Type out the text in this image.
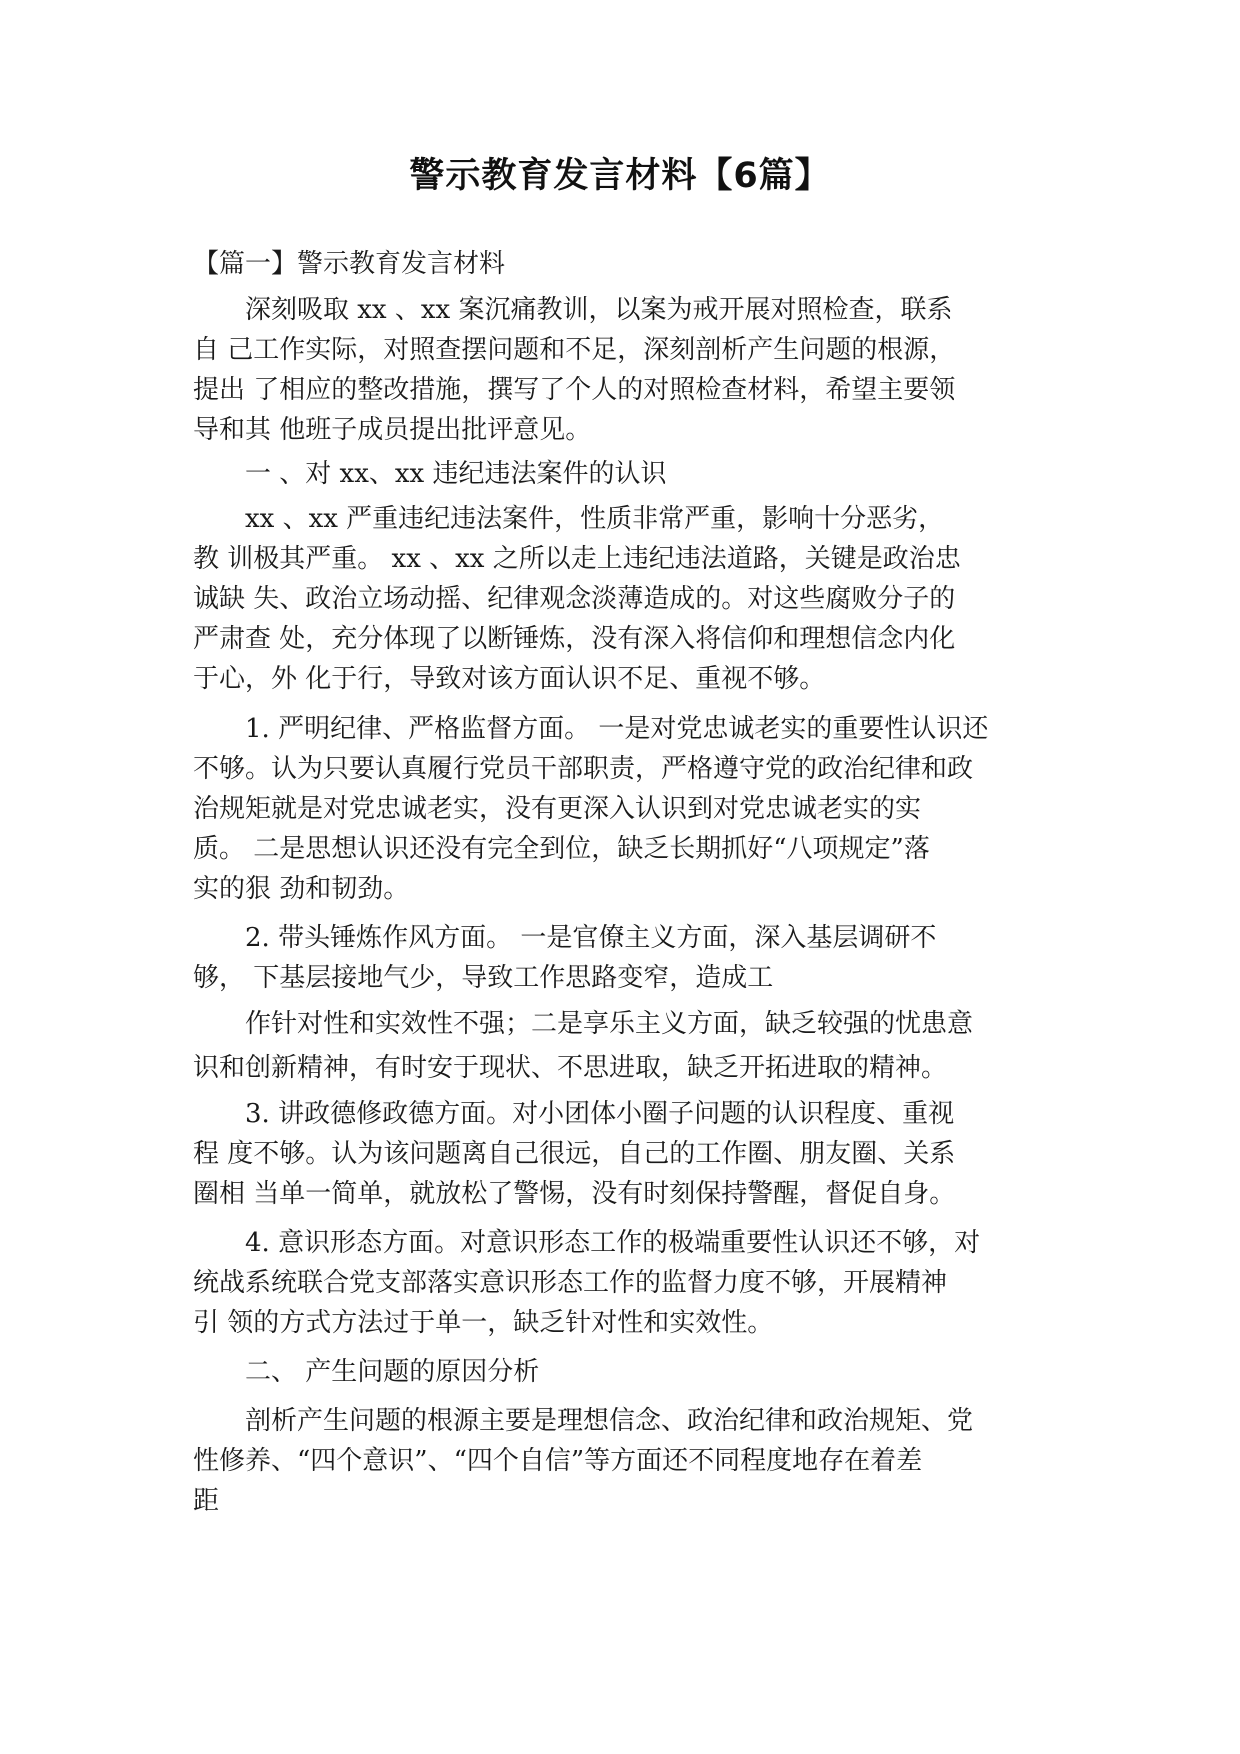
警示教育发言材料【6篇】
【篇一】警示教育发言材料
深刻吸取 xx 、xx 案沉痛教训，以案为戒开展对照检查，联系
自 己工作实际，对照查摆问题和不足，深刻剖析产生问题的根源，
提出 了相应的整改措施，撰写了个人的对照检查材料，希望主要领
导和其 他班子成员提出批评意见。
一 、对 xx、xx 违纪违法案件的认识
xx 、xx 严重违纪违法案件，性质非常严重，影响十分恶劣，
教 训极其严重。 xx 、xx 之所以走上违纪违法道路，关键是政治忠
诚缺 失、政治立场动摇、纪律观念淡薄造成的。对这些腐败分子的
严肃查 处，充分体现了以断锤炼，没有深入将信仰和理想信念内化
于心，外 化于行，导致对该方面认识不足、重视不够。
1. 严明纪律、严格监督方面。 一是对党忠诚老实的重要性认识还
不够。认为只要认真履行党员干部职责，严格遵守党的政治纪律和政
治规矩就是对党忠诚老实，没有更深入认识到对党忠诚老实的实
质。 二是思想认识还没有完全到位，缺乏长期抓好“八项规定”落
实的狠 劲和韧劲。
2. 带头锤炼作风方面。 一是官僚主义方面，深入基层调研不
够， 下基层接地气少，导致工作思路变窄，造成工
作针对性和实效性不强；二是享乐主义方面，缺乏较强的忧患意
识和创新精神，有时安于现状、不思进取，缺乏开拓进取的精神。
3. 讲政德修政德方面。对小团体小圈子问题的认识程度、重视
程 度不够。认为该问题离自己很远，自己的工作圈、朋友圈、关系
圈相 当单一简单，就放松了警惕，没有时刻保持警醒，督促自身。
4. 意识形态方面。对意识形态工作的极端重要性认识还不够，对
统战系统联合党支部落实意识形态工作的监督力度不够，开展精神
引 领的方式方法过于单一，缺乏针对性和实效性。
二、 产生问题的原因分析
剖析产生问题的根源主要是理想信念、政治纪律和政治规矩、党
性修养、“四个意识”、“四个自信”等方面还不同程度地存在着差
距
